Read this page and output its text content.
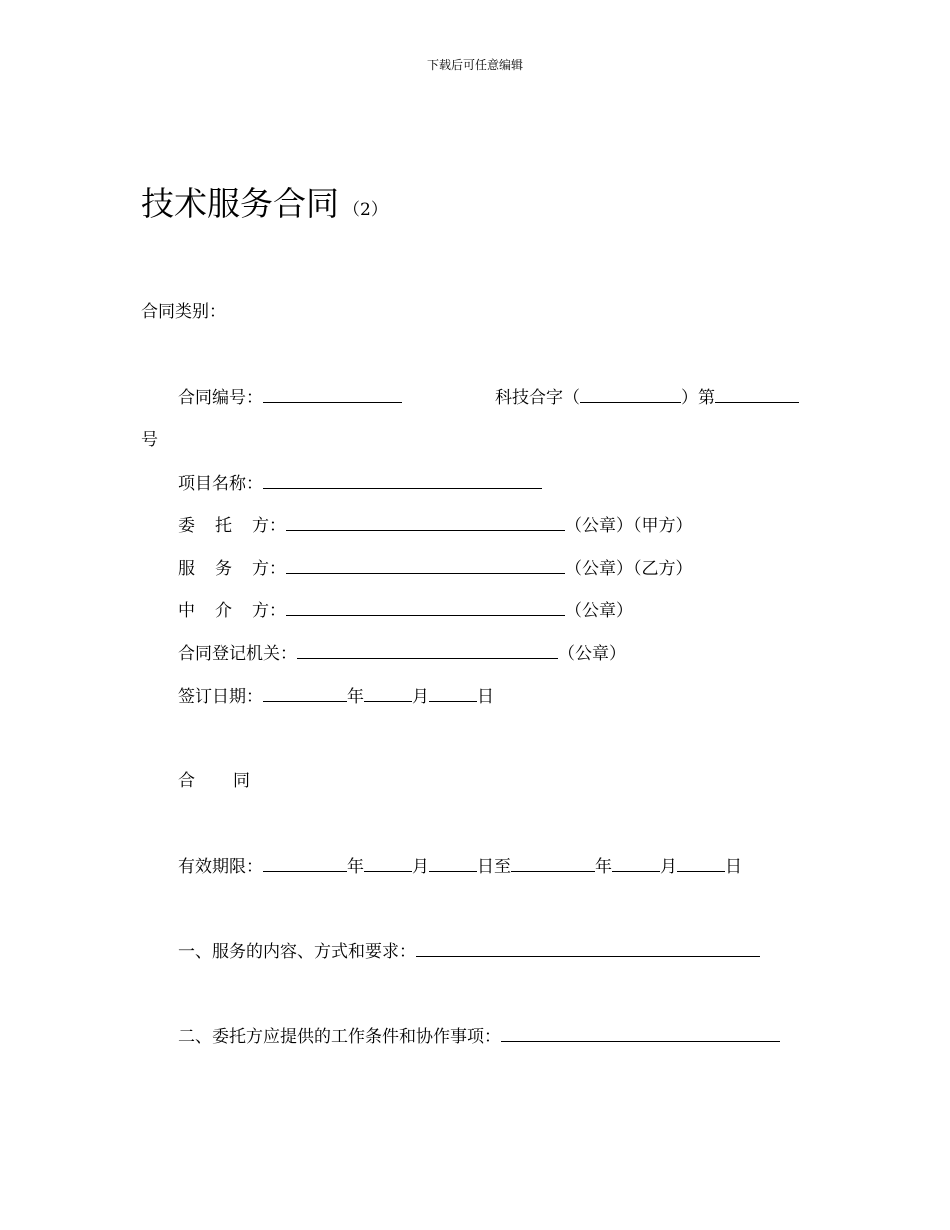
下载后可任意编辑
技术服务合同 （2）
合同类别：
合同编号：	科技合字（	）第
号
项目名称：
委 托 方：	（公章）（甲方）
服 务 方：	（公章）（乙方）
中 介 方：	（公章）
合同登记机关：	（公章）
签订日期：	年	月	日
合 同
有效期限：	年	月	日至	年	月	日
一、服务的内容、方式和要求：
二、委托方应提供的工作条件和协作事项：
